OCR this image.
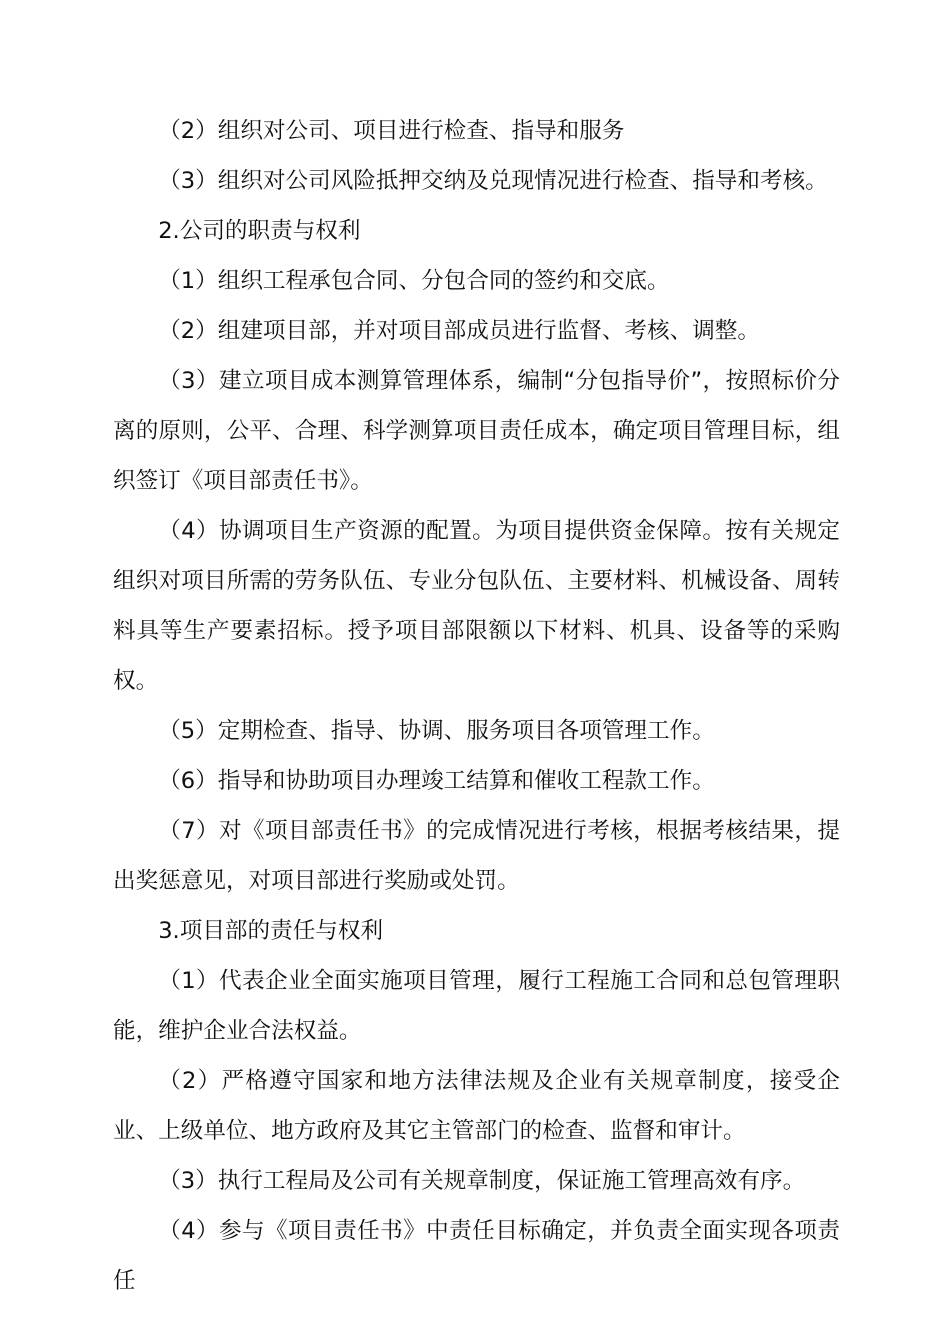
（2）组织对公司、项目进行检查、指导和服务

（3）组织对公司风险抵押交纳及兑现情况进行检查、指导和考核。

2.公司的职责与权利

（1）组织工程承包合同、分包合同的签约和交底。

（2）组建项目部，并对项目部成员进行监督、考核、调整。

（3）建立项目成本测算管理体系，编制“分包指导价”，按照标价分离的原则，公平、合理、科学测算项目责任成本，确定项目管理目标，组织签订《项目部责任书》。

（4）协调项目生产资源的配置。为项目提供资金保障。按有关规定组织对项目所需的劳务队伍、专业分包队伍、主要材料、机械设备、周转料具等生产要素招标。授予项目部限额以下材料、机具、设备等的采购权。

（5）定期检查、指导、协调、服务项目各项管理工作。

（6）指导和协助项目办理竣工结算和催收工程款工作。

（7）对《项目部责任书》的完成情况进行考核，根据考核结果，提出奖惩意见，对项目部进行奖励或处罚。

3.项目部的责任与权利

（1）代表企业全面实施项目管理，履行工程施工合同和总包管理职能，维护企业合法权益。

（2）严格遵守国家和地方法律法规及企业有关规章制度，接受企业、上级单位、地方政府及其它主管部门的检查、监督和审计。

（3）执行工程局及公司有关规章制度，保证施工管理高效有序。

（4）参与《项目责任书》中责任目标确定，并负责全面实现各项责任
